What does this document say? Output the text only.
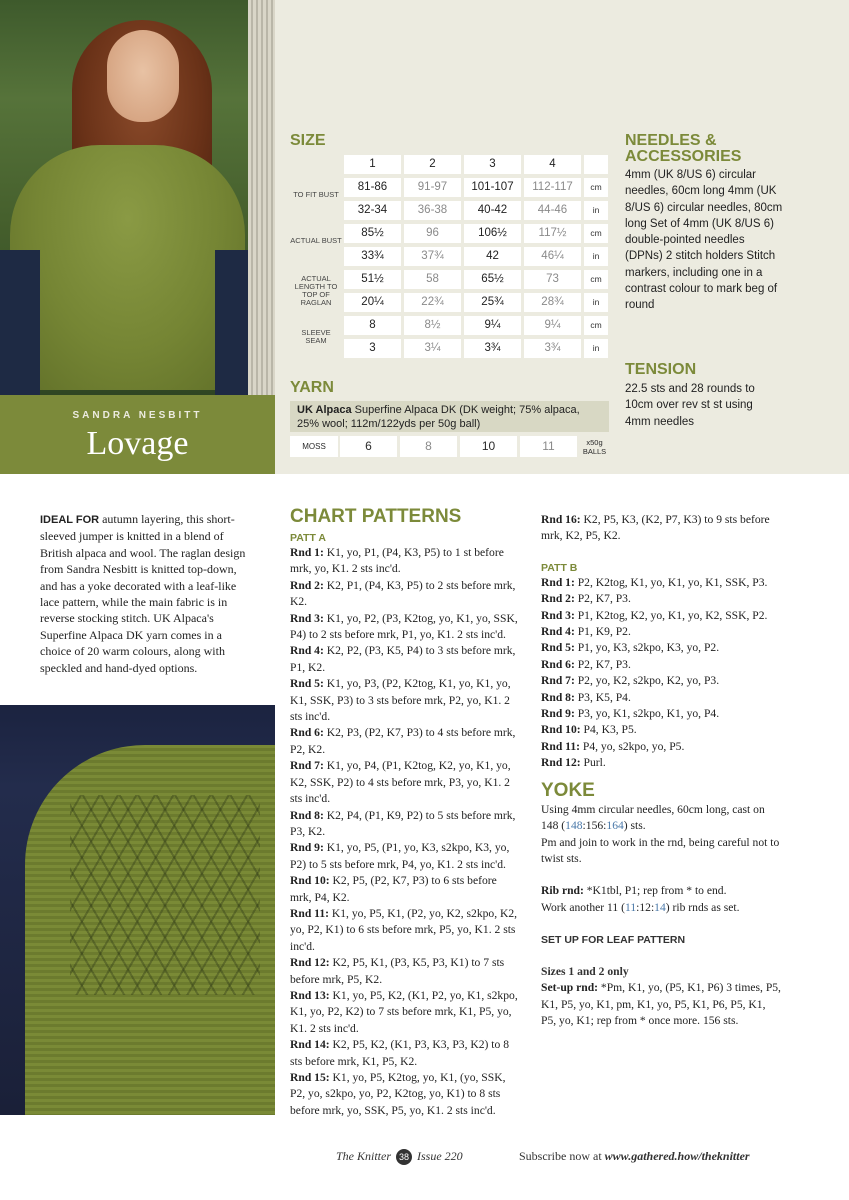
SANDRA NESBITT
Lovage
SIZE
1	2	3	4
TO FIT BUST
81-86	91-97	101-107	112-117	cm
32-34	36-38	40-42	44-46	in
ACTUAL BUST
85½	96	106½	117½	cm
33¾	37¾	42	46¼	in
ACTUAL LENGTH TO TOP OF RAGLAN
51½	58	65½	73	cm
20¼	22¾	25¾	28¾	in
SLEEVE SEAM
8	8½	9¼	9¼	cm
3	3¼	3¾	3¾	in
YARN
UK Alpaca Superfine Alpaca DK (DK weight; 75% alpaca, 25% wool; 112m/122yds per 50g ball)
MOSS	6	8	10	11	x50g
BALLS
NEEDLES &
ACCESSORIES
4mm (UK 8/US 6) circular needles, 60cm long 4mm (UK 8/US 6) circular needles, 80cm long Set of 4mm (UK 8/US 6) double-pointed needles (DPNs) 2 stitch holders Stitch markers, including one in a contrast colour to mark beg of round
TENSION
22.5 sts and 28 rounds to 10cm over rev st st using 4mm needles
IDEAL FOR autumn layering, this short-sleeved jumper is knitted in a blend of British alpaca and wool. The raglan design from Sandra Nesbitt is knitted top-down, and has a yoke decorated with a leaf-like lace pattern, while the main fabric is in reverse stocking stitch. UK Alpaca's Superfine Alpaca DK yarn comes in a choice of 20 warm colours, along with speckled and hand-dyed options.
CHART PATTERNS
PATT A

Rnd 1: K1, yo, P1, (P4, K3, P5) to 1 st before mrk, yo, K1. 2 sts inc'd.

Rnd 2: K2, P1, (P4, K3, P5) to 2 sts before mrk, K2.

Rnd 3: K1, yo, P2, (P3, K2tog, yo, K1, yo, SSK, P4) to 2 sts before mrk, P1, yo, K1. 2 sts inc'd.

Rnd 4: K2, P2, (P3, K5, P4) to 3 sts before mrk, P1, K2.

Rnd 5: K1, yo, P3, (P2, K2tog, K1, yo, K1, yo, K1, SSK, P3) to 3 sts before mrk, P2, yo, K1. 2 sts inc'd.

Rnd 6: K2, P3, (P2, K7, P3) to 4 sts before mrk, P2, K2.

Rnd 7: K1, yo, P4, (P1, K2tog, K2, yo, K1, yo, K2, SSK, P2) to 4 sts before mrk, P3, yo, K1. 2 sts inc'd.

Rnd 8: K2, P4, (P1, K9, P2) to 5 sts before mrk, P3, K2.

Rnd 9: K1, yo, P5, (P1, yo, K3, s2kpo, K3, yo, P2) to 5 sts before mrk, P4, yo, K1. 2 sts inc'd.

Rnd 10: K2, P5, (P2, K7, P3) to 6 sts before mrk, P4, K2.

Rnd 11: K1, yo, P5, K1, (P2, yo, K2, s2kpo, K2, yo, P2, K1) to 6 sts before mrk, P5, yo, K1. 2 sts inc'd.

Rnd 12: K2, P5, K1, (P3, K5, P3, K1) to 7 sts before mrk, P5, K2.

Rnd 13: K1, yo, P5, K2, (K1, P2, yo, K1, s2kpo, K1, yo, P2, K2) to 7 sts before mrk, K1, P5, yo, K1. 2 sts inc'd.

Rnd 14: K2, P5, K2, (K1, P3, K3, P3, K2) to 8 sts before mrk, K1, P5, K2.

Rnd 15: K1, yo, P5, K2tog, yo, K1, (yo, SSK, P2, yo, s2kpo, yo, P2, K2tog, yo, K1) to 8 sts before mrk, yo, SSK, P5, yo, K1. 2 sts inc'd.

Rnd 16: K2, P5, K3, (K2, P7, K3) to 9 sts before mrk, K2, P5, K2.

PATT B

Rnd 1: P2, K2tog, K1, yo, K1, yo, K1, SSK, P3.

Rnd 2: P2, K7, P3.

Rnd 3: P1, K2tog, K2, yo, K1, yo, K2, SSK, P2.

Rnd 4: P1, K9, P2.

Rnd 5: P1, yo, K3, s2kpo, K3, yo, P2.

Rnd 6: P2, K7, P3.

Rnd 7: P2, yo, K2, s2kpo, K2, yo, P3.

Rnd 8: P3, K5, P4.

Rnd 9: P3, yo, K1, s2kpo, K1, yo, P4.

Rnd 10: P4, K3, P5.

Rnd 11: P4, yo, s2kpo, yo, P5.

Rnd 12: Purl.

YOKE

Using 4mm circular needles, 60cm long, cast on 148 (148:156:164) sts.

Pm and join to work in the rnd, being careful not to twist sts.

Rib rnd: *K1tbl, P1; rep from * to end.

Work another 11 (11:12:14) rib rnds as set.

SET UP FOR LEAF PATTERN
Sizes 1 and 2 only

Set-up rnd: *Pm, K1, yo, (P5, K1, P6) 3 times, P5, K1, P5, yo, K1, pm, K1, yo, P5, K1, P6, P5, K1, P5, yo, K1; rep from * once more. 156 sts.

The Knitter 38 Issue 220	Subscribe now at www.gathered.how/theknitter
